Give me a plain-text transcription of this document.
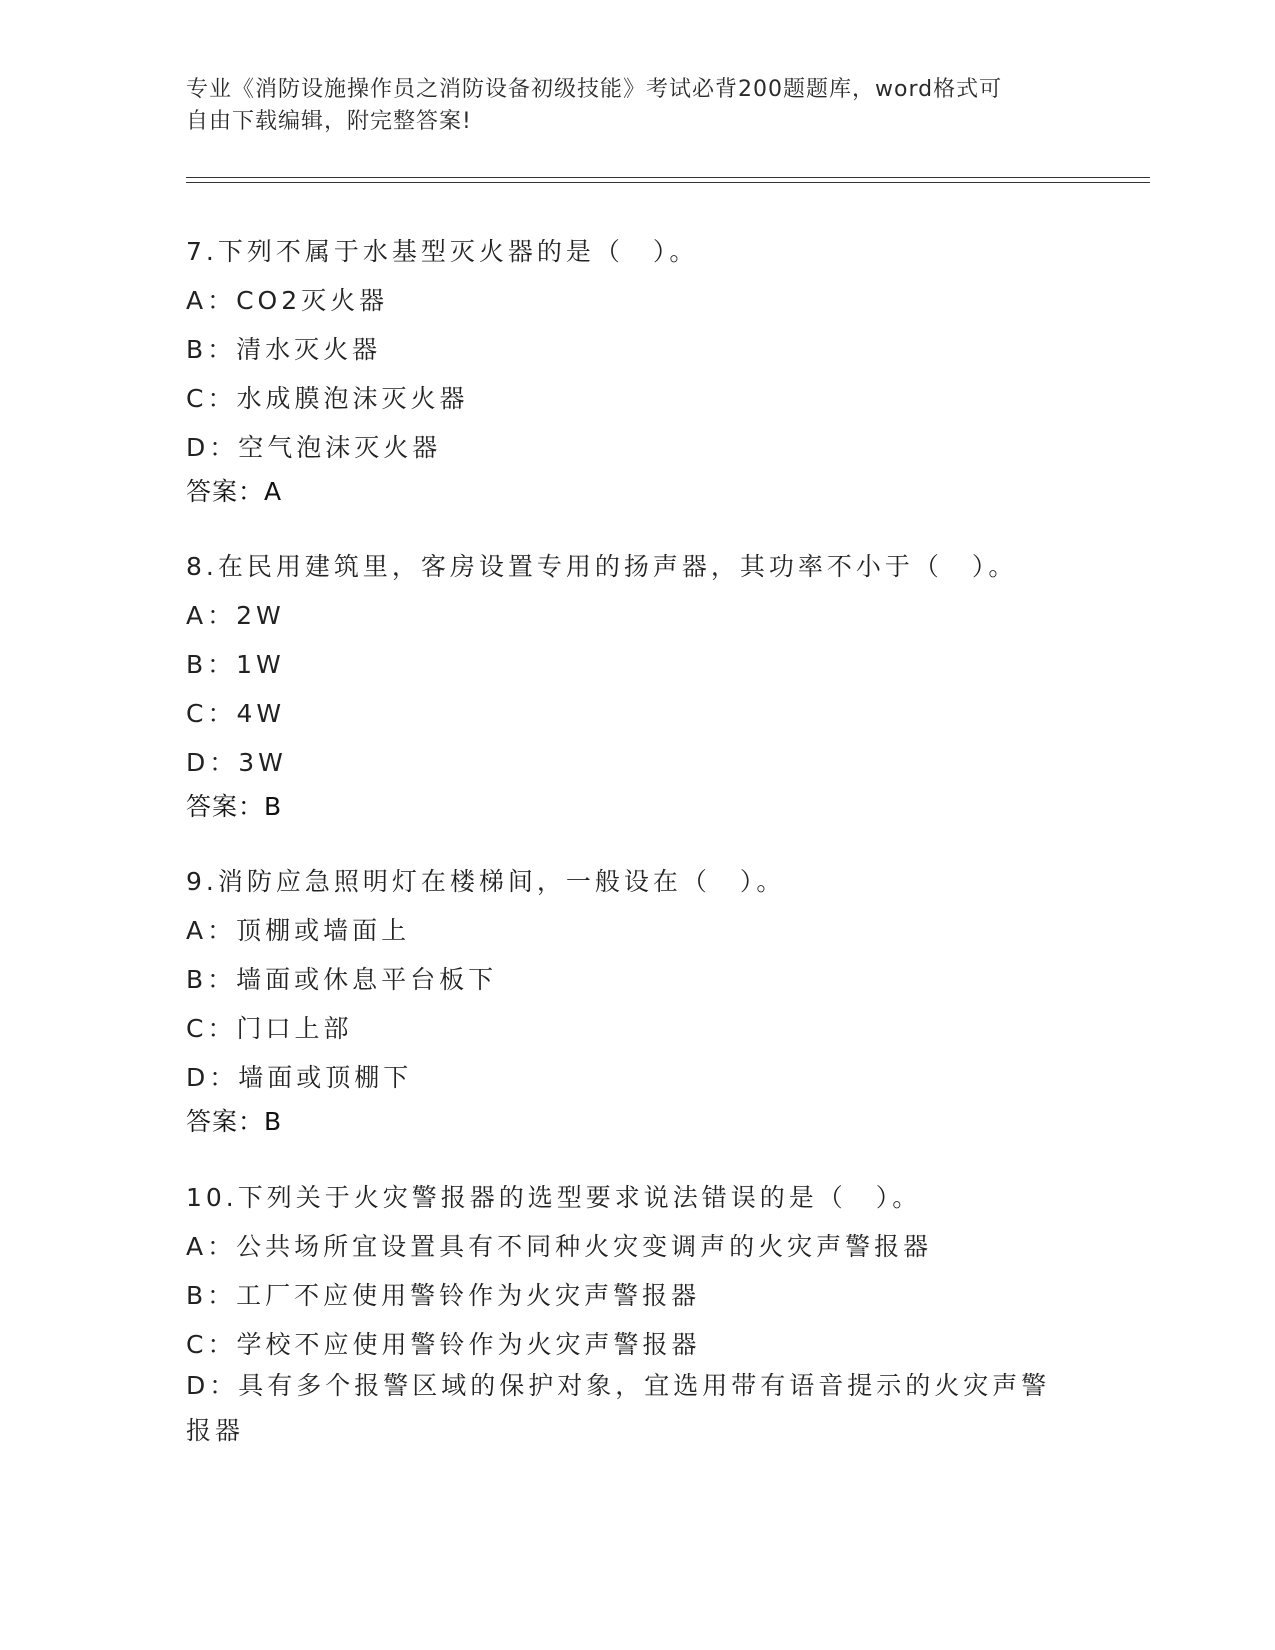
专业《消防设施操作员之消防设备初级技能》考试必背200题题库，word格式可
自由下载编辑，附完整答案!

7.下列不属于水基型灭火器的是（　）。

A：CO2灭火器

B：清水灭火器

C：水成膜泡沫灭火器

D：空气泡沫灭火器

答案：A

8.在民用建筑里，客房设置专用的扬声器，其功率不小于（　）。

A：2W

B：1W

C：4W

D：3W

答案：B

9.消防应急照明灯在楼梯间，一般设在（　）。

A：顶棚或墙面上

B：墙面或休息平台板下

C：门口上部

D：墙面或顶棚下

答案：B

10.下列关于火灾警报器的选型要求说法错误的是（　）。

A：公共场所宜设置具有不同种火灾变调声的火灾声警报器

B：工厂不应使用警铃作为火灾声警报器

C：学校不应使用警铃作为火灾声警报器

D：具有多个报警区域的保护对象，宜选用带有语音提示的火灾声警报器
